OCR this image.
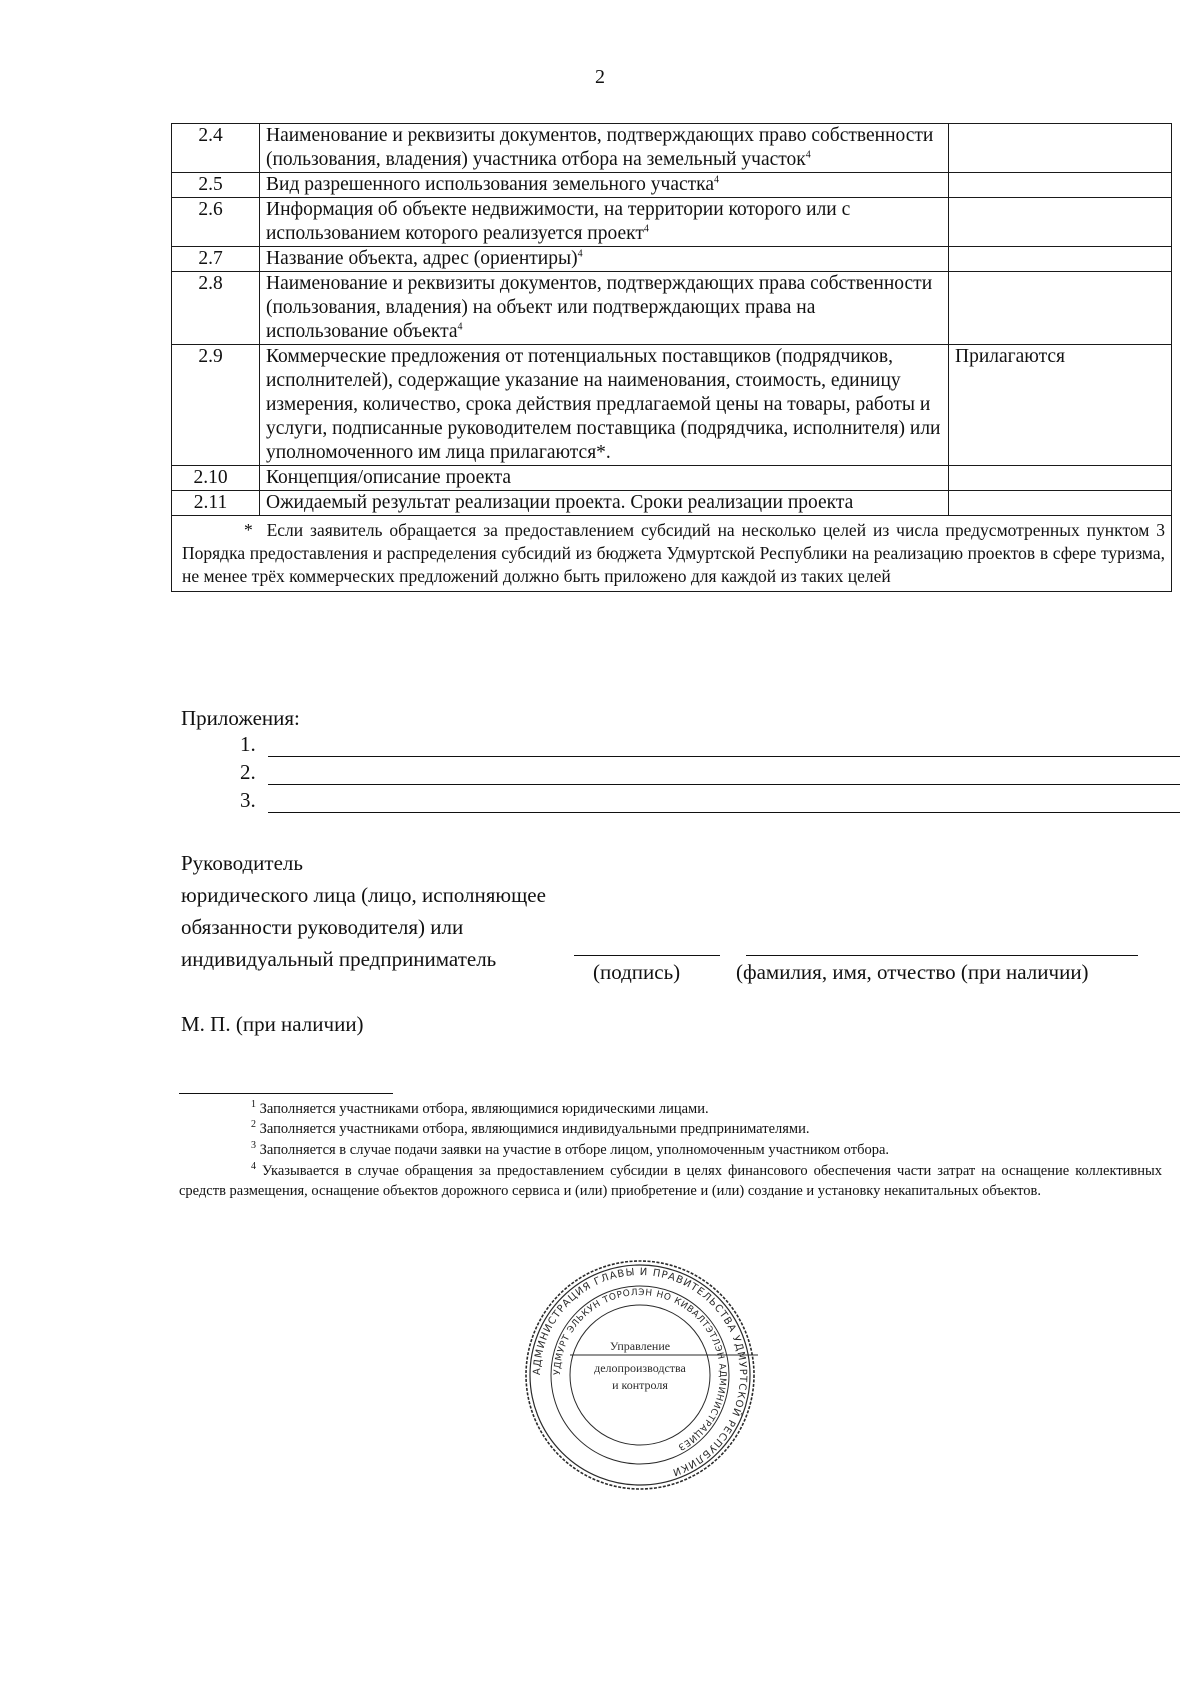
2
2.4	Наименование и реквизиты документов, подтверждающих право собственности (пользования, владения) участника отбора на земельный участок$^4$	
2.5	Вид разрешенного использования земельного участка$^4$	
2.6	Информация об объекте недвижимости, на территории которого или с использованием которого реализуется проект$^4$	
2.7	Название объекта, адрес (ориентиры)$^4$	
2.8	Наименование и реквизиты документов, подтверждающих права собственности (пользования, владения) на объект или подтверждающих права на использование объекта$^4$	
2.9	Коммерческие предложения от потенциальных поставщиков (подрядчиков, исполнителей), содержащие указание на наименования, стоимость, единицу измерения, количество, срока действия предлагаемой цены на товары, работы и услуги, подписанные руководителем поставщика (подрядчика, исполнителя) или уполномоченного им лица прилагаются*.	Прилагаются
2.10	Концепция/описание проекта	
2.11	Ожидаемый результат реализации проекта. Сроки реализации проекта	
* Если заявитель обращается за предоставлением субсидий на несколько целей из числа предусмотренных пунктом 3 Порядка предоставления и распределения субсидий из бюджета Удмуртской Республики на реализацию проектов в сфере туризма, не менее трёх коммерческих предложений должно быть приложено для каждой из таких целей		
Приложения:
1.
2.
3.
Руководитель
юридического лица (лицо, исполняющее
обязанности руководителя) или
индивидуальный предприниматель
(подпись)	(фамилия, имя, отчество (при наличии)
М. П. (при наличии)
$^1$ Заполняется участниками отбора, являющимися юридическими лицами.
$^2$ Заполняется участниками отбора, являющимися индивидуальными предпринимателями.
$^3$ Заполняется в случае подачи заявки на участие в отборе лицом, уполномоченным участником отбора.
$^4$ Указывается в случае обращения за предоставлением субсидии в целях финансового обеспечения части затрат на оснащение коллективных средств размещения, оснащение объектов дорожного сервиса и (или) приобретение и (или) создание и установку некапитальных объектов.
АДМИНИСТРАЦИЯ ГЛАВЫ И ПРАВИТЕЛЬСТВА УДМУРТСКОЙ РЕСПУБЛИКИ
УДМУРТ ЭЛЬКУН ТОРОЛЭН НО КИВАЛТЭТЛЭН АДМИНИСТРАЦИЕЗ
Управление
делопроизводства
и контроля
